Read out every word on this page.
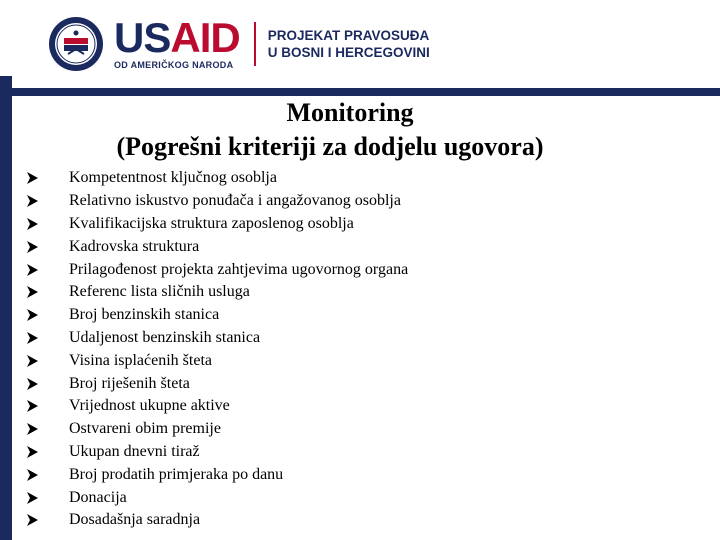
USAID
OD AMERIČKOG NARODA
PROJEKAT PRAVOSUĐA
U BOSNI I HERCEGOVINI
Monitoring
(Pogrešni kriteriji za dodjelu ugovora)
Kompetentnost ključnog osoblja
Relativno iskustvo ponuđača i angažovanog osoblja
Kvalifikacijska struktura zaposlenog osoblja
Kadrovska struktura
Prilagođenost projekta zahtjevima ugovornog organa
Referenc lista sličnih usluga
Broj benzinskih stanica
Udaljenost benzinskih stanica
Visina isplaćenih šteta
Broj riješenih šteta
Vrijednost ukupne aktive
Ostvareni obim premije
Ukupan dnevni tiraž
Broj prodatih primjeraka po danu
Donacija
Dosadašnja saradnja
